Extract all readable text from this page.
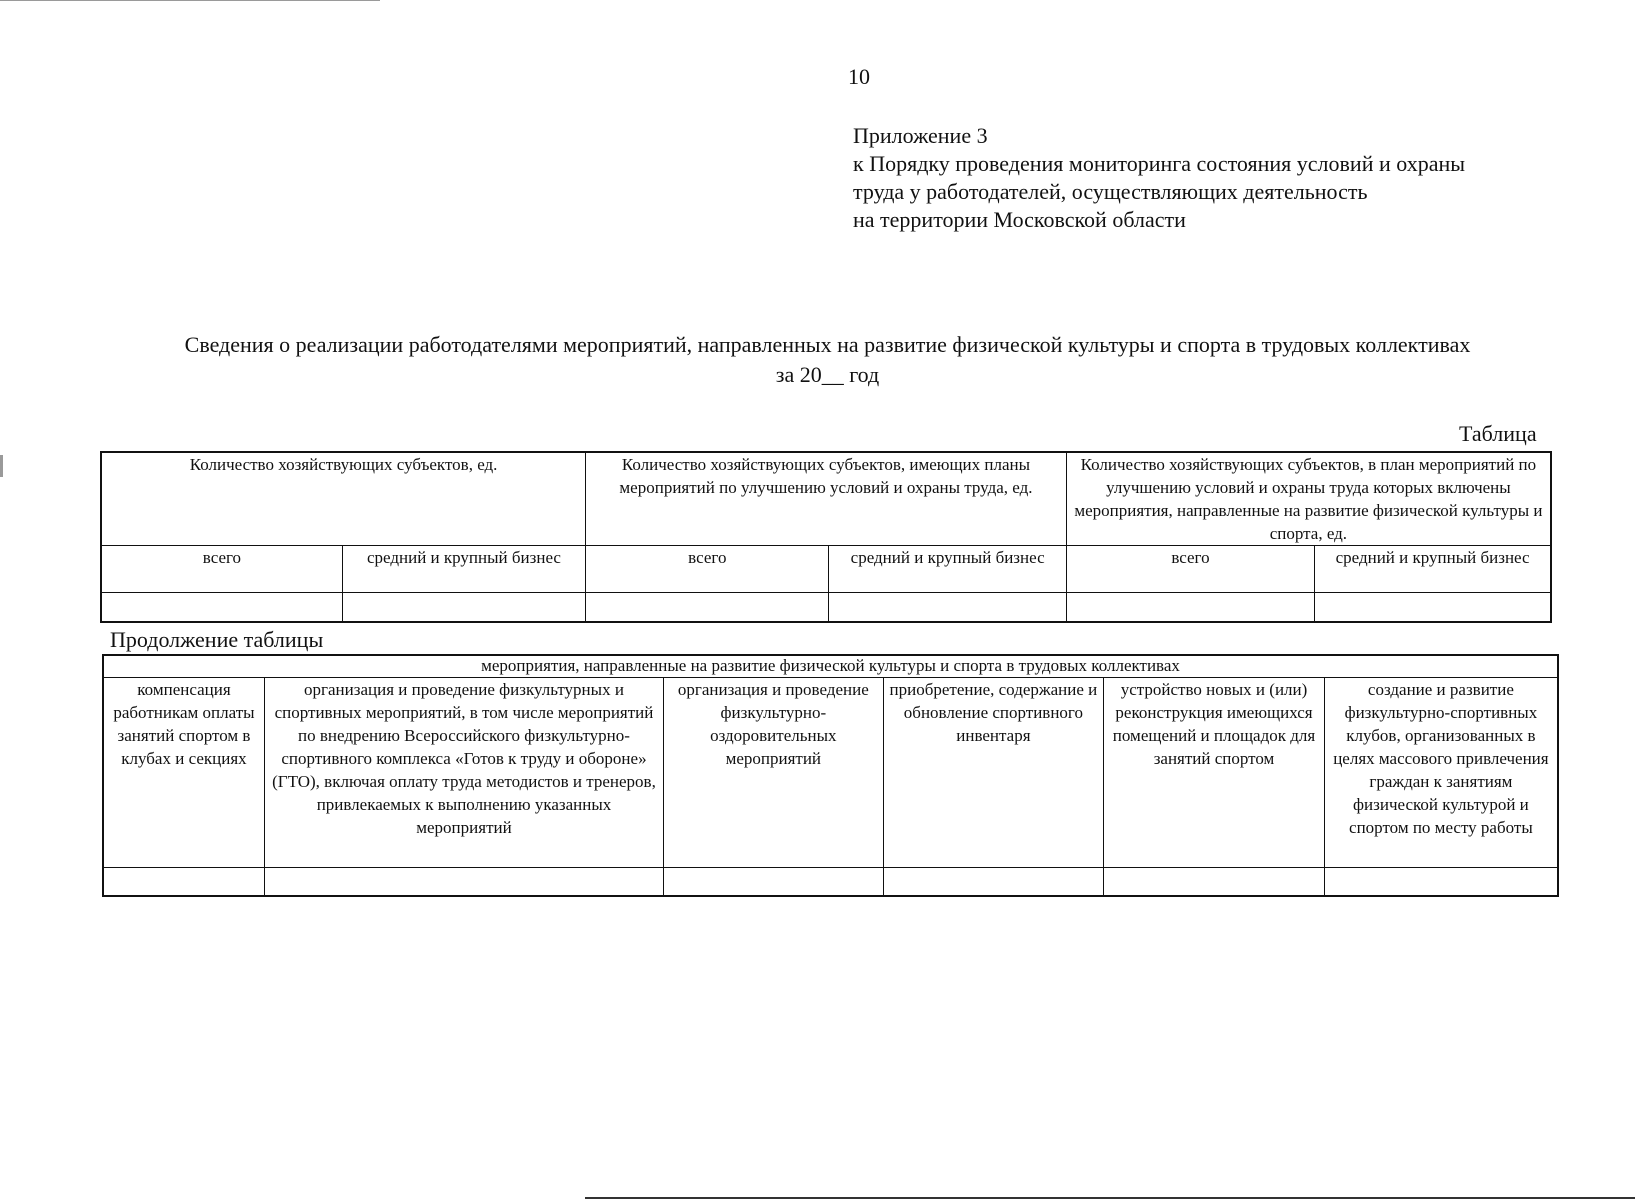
10
Приложение 3
к Порядку проведения мониторинга состояния условий и охраны
труда у работодателей, осуществляющих деятельность
на территории Московской области
Сведения о реализации работодателями мероприятий, направленных на развитие физической культуры и спорта в трудовых коллективах
за 20__ год
Таблица
Количество хозяйствующих субъектов, ед.		Количество хозяйствующих субъектов, имеющих планы мероприятий по улучшению условий и охраны труда, ед.		Количество хозяйствующих субъектов, в план мероприятий по улучшению условий и охраны труда которых включены мероприятия, направленные на развитие физической культуры и спорта, ед.	
всего	средний и крупный бизнес	всего	средний и крупный бизнес	всего	средний и крупный бизнес

Продолжение таблицы
мероприятия, направленные на развитие физической культуры и спорта в трудовых коллективах					
компенсация работникам оплаты занятий спортом в клубах и секциях	организация и проведение физкультурных и спортивных мероприятий, в том числе мероприятий по внедрению Всероссийского физкультурно-спортивного комплекса «Готов к труду и обороне» (ГТО), включая оплату труда методистов и тренеров, привлекаемых к выполнению указанных мероприятий	организация и проведение физкультурно-оздоровительных мероприятий	приобретение, содержание и обновление спортивного инвентаря	устройство новых и (или) реконструкция имеющихся помещений и площадок для занятий спортом	создание и развитие физкультурно-спортивных клубов, организованных в целях массового привлечения граждан к занятиям физической культурой и спортом по месту работы
